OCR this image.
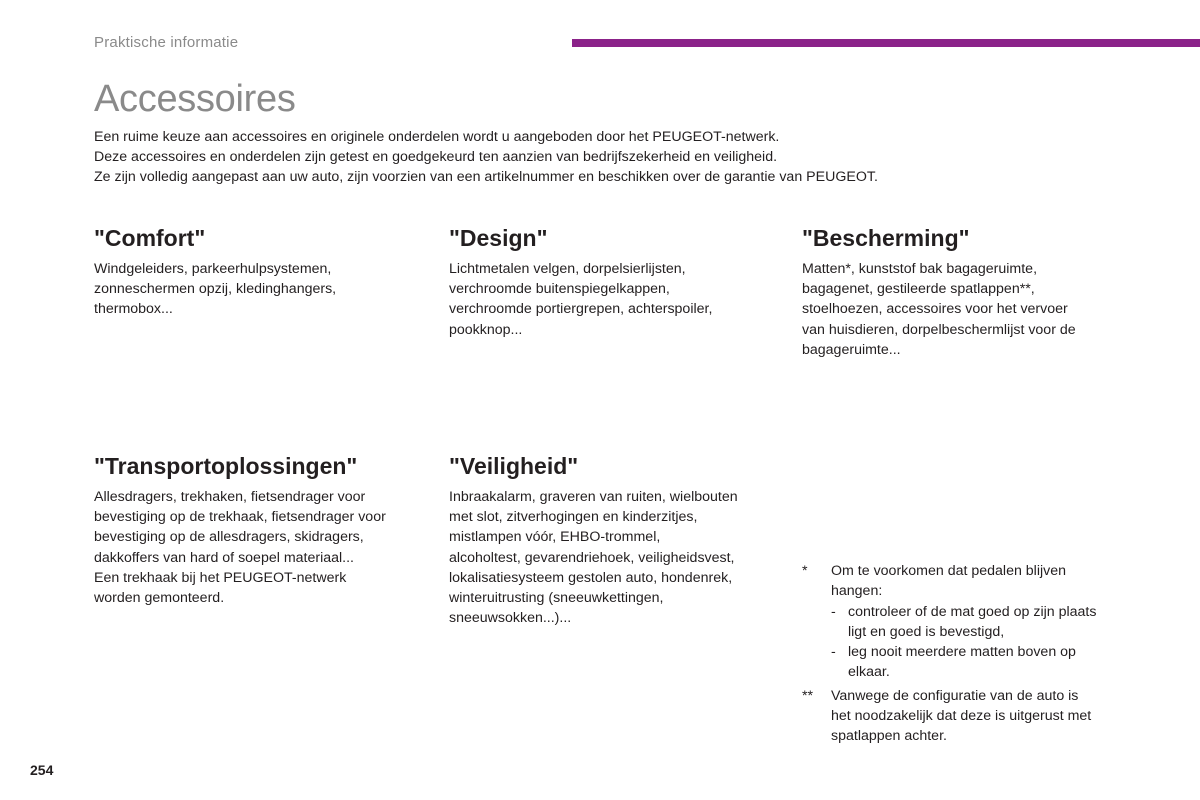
Praktische informatie
Accessoires

Een ruime keuze aan accessoires en originele onderdelen wordt u aangeboden door het PEUGEOT-netwerk.

Deze accessoires en onderdelen zijn getest en goedgekeurd ten aanzien van bedrijfszekerheid en veiligheid.

Ze zijn volledig aangepast aan uw auto, zijn voorzien van een artikelnummer en beschikken over de garantie van PEUGEOT.

"Comfort"

Windgeleiders, parkeerhulpsystemen,
zonneschermen opzij, kledinghangers,
thermobox...

"Design"

Lichtmetalen velgen, dorpelsierlijsten,
verchroomde buitenspiegelkappen,
verchroomde portiergrepen, achterspoiler,
pookknop...

"Bescherming"

Matten*, kunststof bak bagageruimte,
bagagenet, gestileerde spatlappen**,
stoelhoezen, accessoires voor het vervoer
van huisdieren, dorpelbeschermlijst voor de
bagageruimte...

"Transportoplossingen"

Allesdragers, trekhaken, fietsendrager voor
bevestiging op de trekhaak, fietsendrager voor
bevestiging op de allesdragers, skidragers,
dakkoffers van hard of soepel materiaal...
Een trekhaak bij het PEUGEOT-netwerk
worden gemonteerd.

"Veiligheid"

Inbraakalarm, graveren van ruiten, wielbouten
met slot, zitverhogingen en kinderzitjes,
mistlampen vóór, EHBO-trommel,
alcoholtest, gevarendriehoek, veiligheidsvest,
lokalisatiesysteem gestolen auto, hondenrek,
winteruitrusting (sneeuwkettingen,
sneeuwsokken...)...

*	Om te voorkomen dat pedalen blijven
hangen:

- controleer of de mat goed op zijn plaats
ligt en goed is bevestigd,
- leg nooit meerdere matten boven op
elkaar.
**	Vanwege de configuratie van de auto is
het noodzakelijk dat deze is uitgerust met
spatlappen achter.

254
